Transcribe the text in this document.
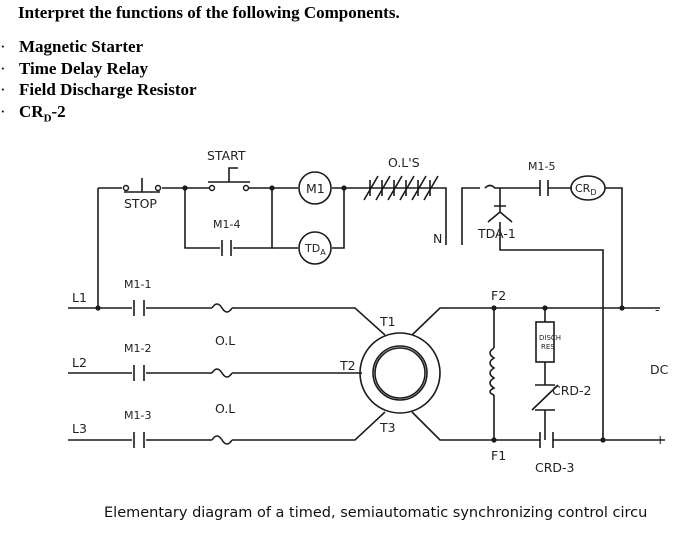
Interpret the functions of the following Components.
·
Magnetic Starter
·
Time Delay Relay
·
Field Discharge Resistor
·
$CR_D-2$
START
STOP
M1
O.L'S	M1-5
$CR_D$
M1-4
$TD_A$
N	TDA-1
L1
L2
L3
M1-1
M1-2
M1-3
O.L
O.L
T1
T2
T3
F2
F1
DISCH
RES
CRD-2
CRD-3
DC
-
+
Elementary diagram of a timed, semiautomatic synchronizing control circu
